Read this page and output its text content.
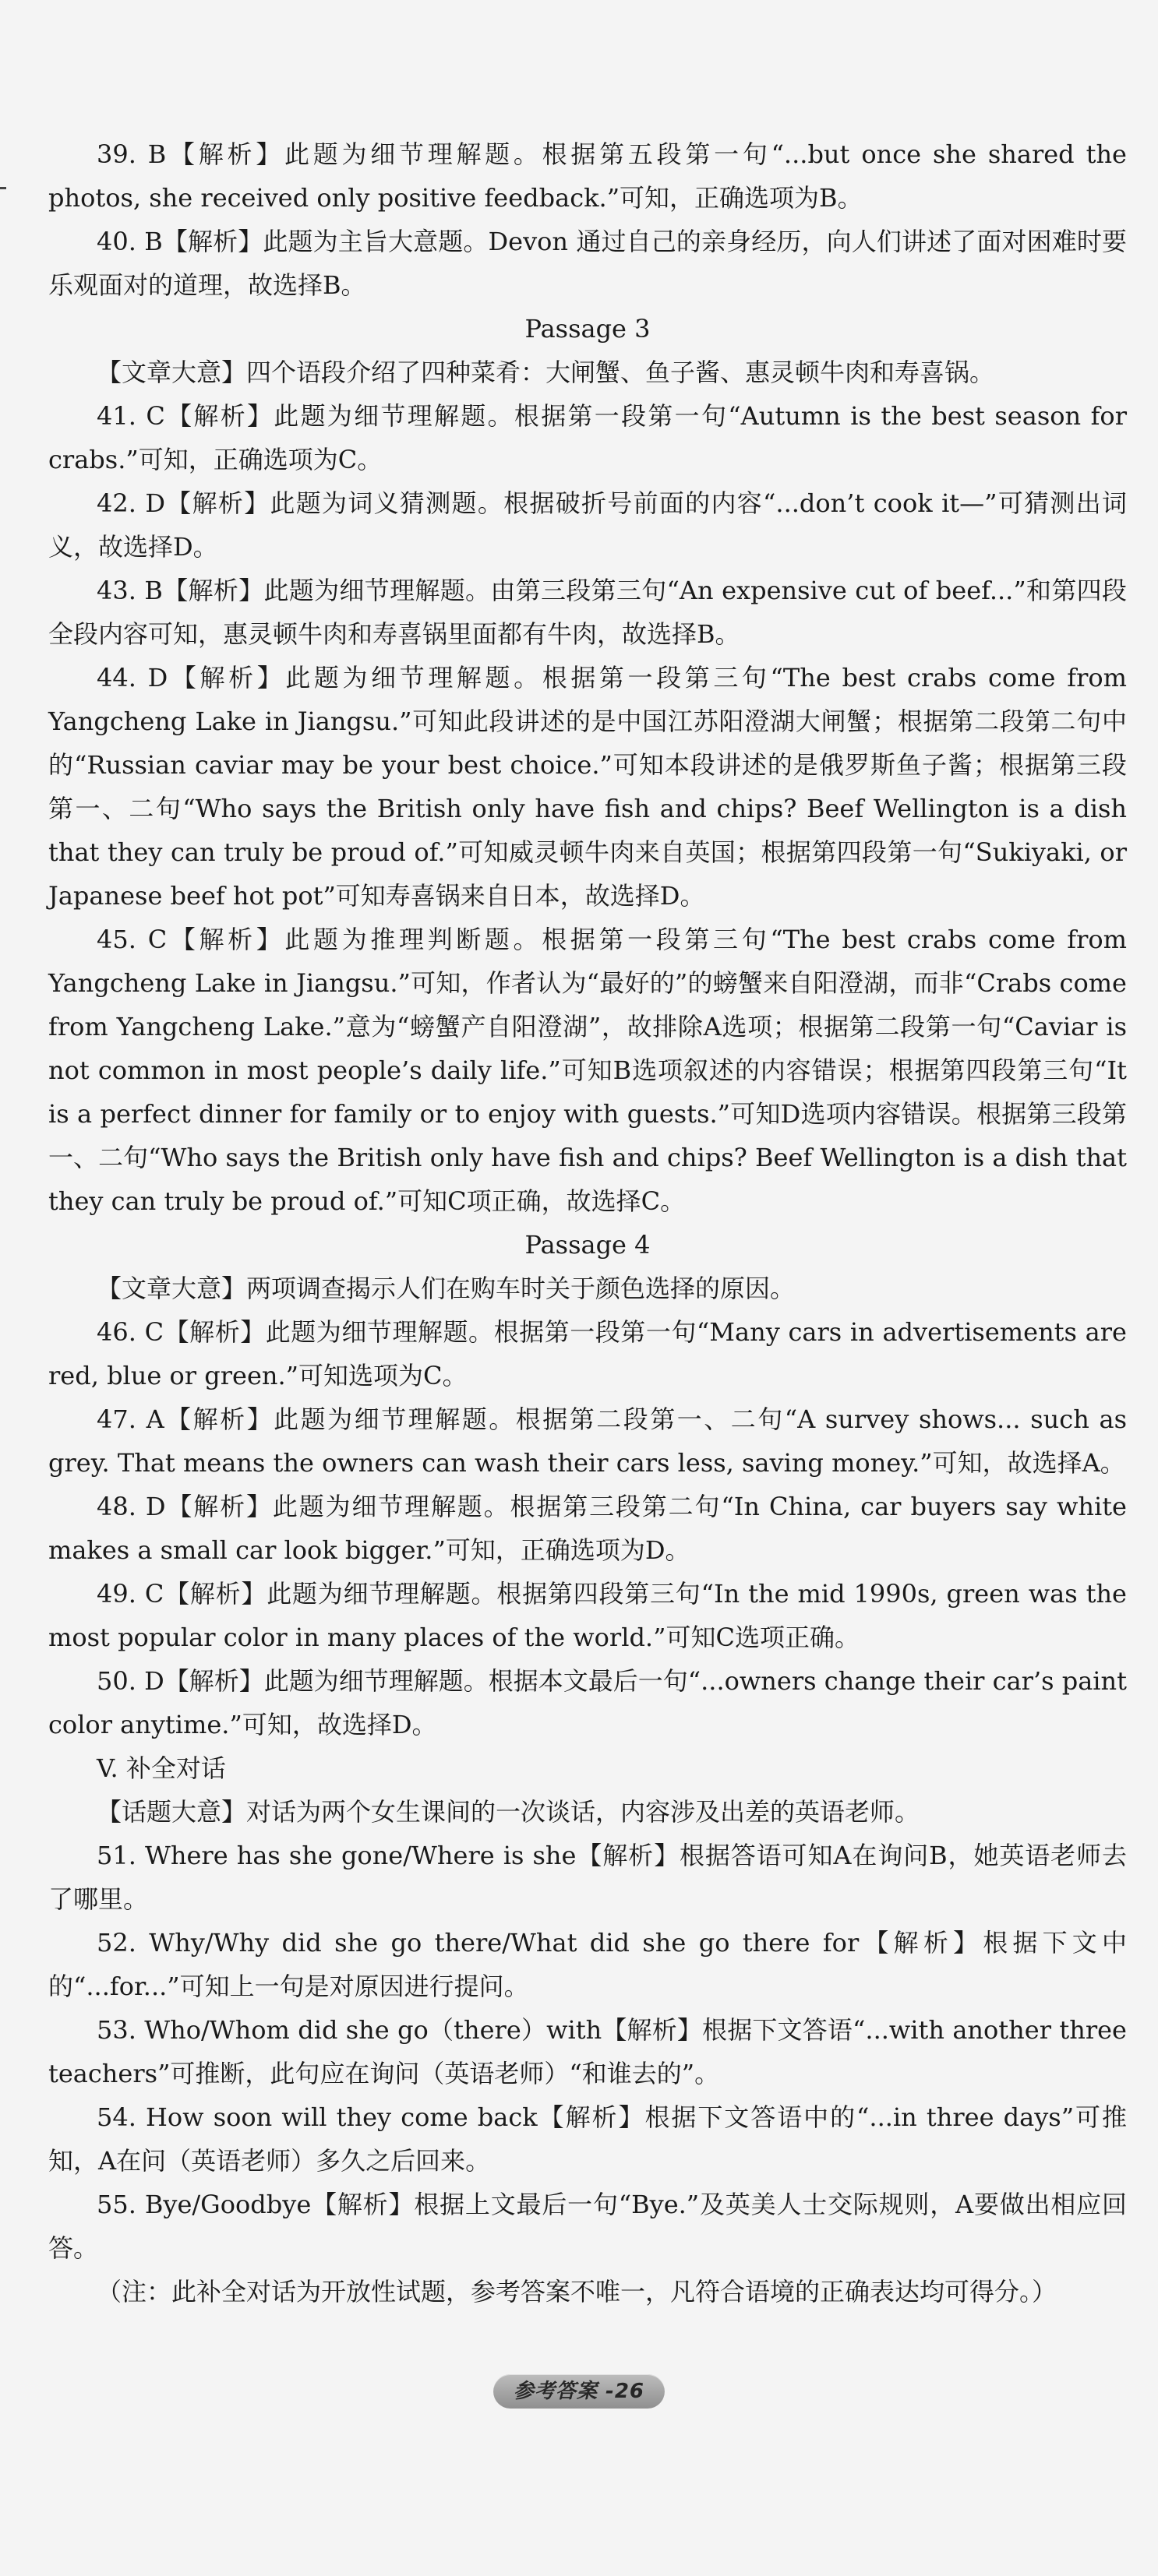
39. B【解析】此题为细节理解题。根据第五段第一句“...but once she shared the photos, she received only positive feedback.”可知，正确选项为B。

40. B【解析】此题为主旨大意题。Devon 通过自己的亲身经历，向人们讲述了面对困难时要乐观面对的道理，故选择B。

Passage 3

【文章大意】四个语段介绍了四种菜肴：大闸蟹、鱼子酱、惠灵顿牛肉和寿喜锅。

41. C【解析】此题为细节理解题。根据第一段第一句“Autumn is the best season for crabs.”可知，正确选项为C。

42. D【解析】此题为词义猜测题。根据破折号前面的内容“...don’t cook it—”可猜测出词义，故选择D。

43. B【解析】此题为细节理解题。由第三段第三句“An expensive cut of beef...”和第四段全段内容可知，惠灵顿牛肉和寿喜锅里面都有牛肉，故选择B。

44. D【解析】此题为细节理解题。根据第一段第三句“The best crabs come from Yangcheng Lake in Jiangsu.”可知此段讲述的是中国江苏阳澄湖大闸蟹；根据第二段第二句中的“Russian caviar may be your best choice.”可知本段讲述的是俄罗斯鱼子酱；根据第三段第一、二句“Who says the British only have fish and chips? Beef Wellington is a dish that they can truly be proud of.”可知威灵顿牛肉来自英国；根据第四段第一句“Sukiyaki, or Japanese beef hot pot”可知寿喜锅来自日本，故选择D。

45. C【解析】此题为推理判断题。根据第一段第三句“The best crabs come from Yangcheng Lake in Jiangsu.”可知，作者认为“最好的”的螃蟹来自阳澄湖，而非“Crabs come from Yangcheng Lake.”意为“螃蟹产自阳澄湖”，故排除A选项；根据第二段第一句“Caviar is not common in most people’s daily life.”可知B选项叙述的内容错误；根据第四段第三句“It is a perfect dinner for family or to enjoy with guests.”可知D选项内容错误。根据第三段第一、二句“Who says the British only have fish and chips? Beef Wellington is a dish that they can truly be proud of.”可知C项正确，故选择C。

Passage 4

【文章大意】两项调查揭示人们在购车时关于颜色选择的原因。

46. C【解析】此题为细节理解题。根据第一段第一句“Many cars in advertisements are red, blue or green.”可知选项为C。

47. A【解析】此题为细节理解题。根据第二段第一、二句“A survey shows... such as grey. That means the owners can wash their cars less, saving money.”可知，故选择A。

48. D【解析】此题为细节理解题。根据第三段第二句“In China, car buyers say white makes a small car look bigger.”可知，正确选项为D。

49. C【解析】此题为细节理解题。根据第四段第三句“In the mid 1990s, green was the most popular color in many places of the world.”可知C选项正确。

50. D【解析】此题为细节理解题。根据本文最后一句“...owners change their car’s paint color anytime.”可知，故选择D。

V. 补全对话

【话题大意】对话为两个女生课间的一次谈话，内容涉及出差的英语老师。

51. Where has she gone/Where is she【解析】根据答语可知A在询问B，她英语老师去了哪里。

52. Why/Why did she go there/What did she go there for【解析】根据下文中的“...for...”可知上一句是对原因进行提问。

53. Who/Whom did she go（there）with【解析】根据下文答语“...with another three teachers”可推断，此句应在询问（英语老师）“和谁去的”。

54. How soon will they come back【解析】根据下文答语中的“...in three days”可推知，A在问（英语老师）多久之后回来。

55. Bye/Goodbye【解析】根据上文最后一句“Bye.”及英美人士交际规则，A要做出相应回答。

（注：此补全对话为开放性试题，参考答案不唯一，凡符合语境的正确表达均可得分。）

参考答案 -26
